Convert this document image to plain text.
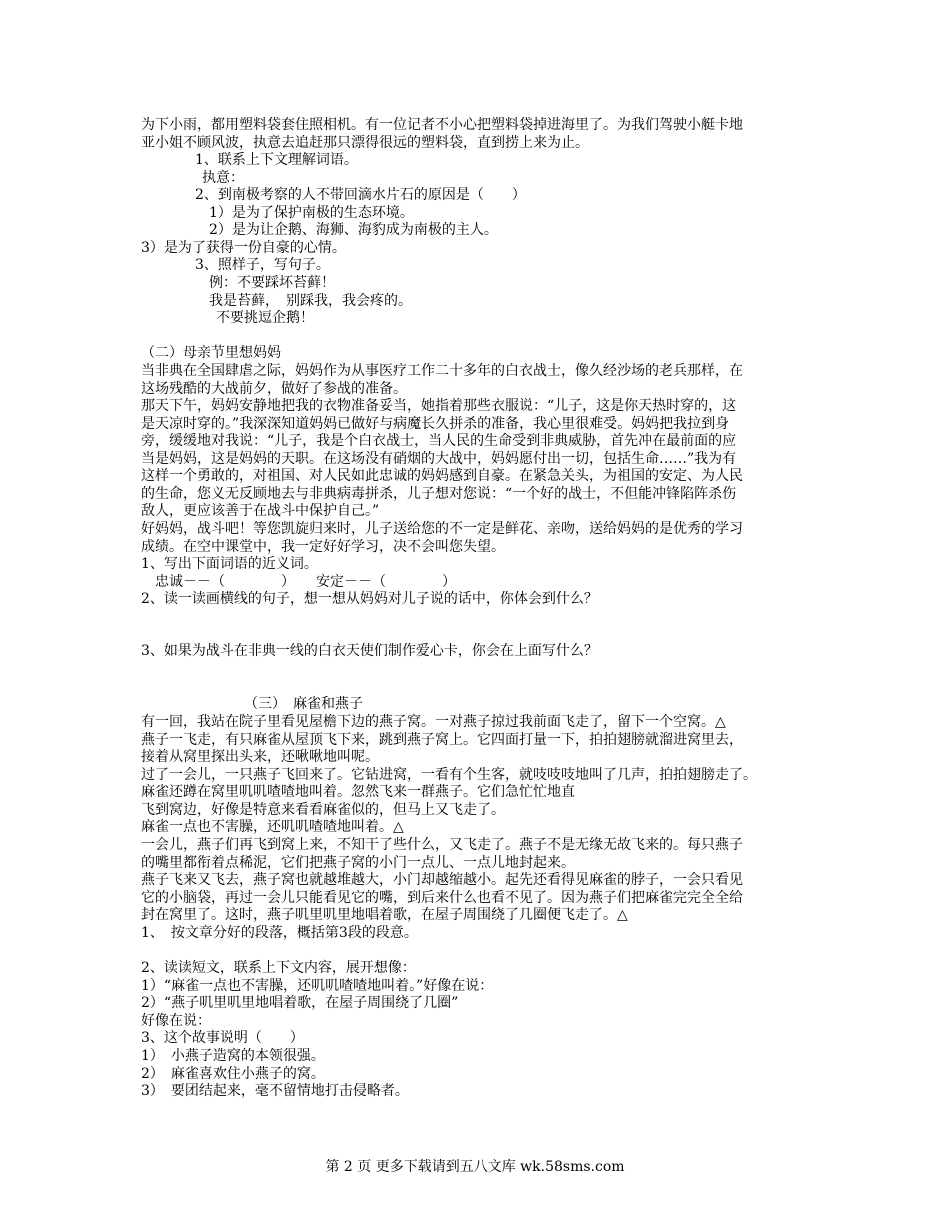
为下小雨，都用塑料袋套住照相机。有一位记者不小心把塑料袋掉进海里了。为我们驾驶小艇卡地
亚小姐不顾风波，执意去追赶那只漂得很远的塑料袋，直到捞上来为止。
1、联系上下文理解词语。
执意：
2、到南极考察的人不带回滴水片石的原因是（　　）
1）是为了保护南极的生态环境。
2）是为让企鹅、海狮、海豹成为南极的主人。
3）是为了获得一份自豪的心情。
3、照样子，写句子。
例：不要踩坏苔藓！
我是苔藓，　别踩我，我会疼的。
不要挑逗企鹅！
（二）母亲节里想妈妈
当非典在全国肆虐之际，妈妈作为从事医疗工作二十多年的白衣战士，像久经沙场的老兵那样，在
这场残酷的大战前夕，做好了参战的准备。
那天下午，妈妈安静地把我的衣物准备妥当，她指着那些衣服说：“儿子，这是你天热时穿的，这
是天凉时穿的。”我深深知道妈妈已做好与病魔长久拼杀的准备，我心里很难受。妈妈把我拉到身
旁，缓缓地对我说：“儿子，我是个白衣战士，当人民的生命受到非典威胁，首先冲在最前面的应
当是妈妈，这是妈妈的天职。在这场没有硝烟的大战中，妈妈愿付出一切，包括生命……”我为有
这样一个勇敢的，对祖国、对人民如此忠诚的妈妈感到自豪。在紧急关头，为祖国的安定、为人民
的生命，您义无反顾地去与非典病毒拼杀，儿子想对您说：“一个好的战士，不但能冲锋陷阵杀伤
敌人，更应该善于在战斗中保护自己。”
好妈妈，战斗吧！等您凯旋归来时，儿子送给您的不一定是鲜花、亲吻，送给妈妈的是优秀的学习
成绩。在空中课堂中，我一定好好学习，决不会叫您失望。
1、写出下面词语的近义词。
忠诚－－（　　　　）　　安定－－（　　　　）
2、读一读画横线的句子，想一想从妈妈对儿子说的话中，你体会到什么？
3、如果为战斗在非典一线的白衣天使们制作爱心卡，你会在上面写什么？
（三）　麻雀和燕子
有一回，我站在院子里看见屋檐下边的燕子窝。一对燕子掠过我前面飞走了，留下一个空窝。△
燕子一飞走，有只麻雀从屋顶飞下来，跳到燕子窝上。它四面打量一下，拍拍翅膀就溜进窝里去，
接着从窝里探出头来，还啾啾地叫呢。
过了一会儿，一只燕子飞回来了。它钻进窝，一看有个生客，就吱吱吱地叫了几声，拍拍翅膀走了。
麻雀还蹲在窝里叽叽喳喳地叫着。忽然飞来一群燕子。它们急忙忙地直
飞到窝边，好像是特意来看看麻雀似的，但马上又飞走了。
麻雀一点也不害臊，还叽叽喳喳地叫着。△
一会儿，燕子们再飞到窝上来，不知干了些什么，又飞走了。燕子不是无缘无故飞来的。每只燕子
的嘴里都衔着点稀泥，它们把燕子窝的小门一点儿、一点儿地封起来。
燕子飞来又飞去，燕子窝也就越堆越大，小门却越缩越小。起先还看得见麻雀的脖子，一会只看见
它的小脑袋，再过一会儿只能看见它的嘴，到后来什么也看不见了。因为燕子们把麻雀完完全全给
封在窝里了。这时，燕子叽里叽里地唱着歌，在屋子周围绕了几圈便飞走了。△
1、　按文章分好的段落，概括第3段的段意。
2、读读短文，联系上下文内容，展开想像：
1）“麻雀一点也不害臊，还叽叽喳喳地叫着。”好像在说：
2）“燕子叽里叽里地唱着歌，在屋子周围绕了几圈”
好像在说：
3、这个故事说明（　　）
1）　小燕子造窝的本领很强。
2）　麻雀喜欢住小燕子的窝。
3）　要团结起来，毫不留情地打击侵略者。
第 2 页 更多下载请到五八文库 wk.58sms.com
